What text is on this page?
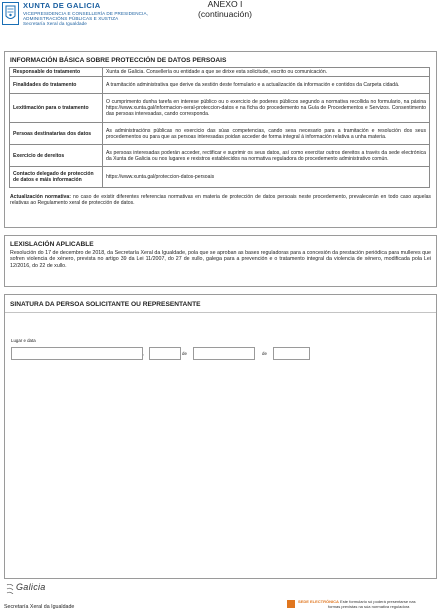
XUNTA DE GALICIA
VICEPRESIDENCIA E CONSELLERÍA DE PRESIDENCIA,
ADMINISTRACIÓNS PÚBLICAS E XUSTIZA
Secretaría Xeral da Igualdade
ANEXO I
(continuación)
INFORMACIÓN BÁSICA SOBRE PROTECCIÓN DE DATOS PERSOAIS
Responsable do tratamento	Xunta de Galicia. Consellería ou entidade a que se dirixe esta solicitude, escrito ou comunicación.
Finalidades do tratamento	A tramitación administrativa que derive da xestión deste formulario e a actualización da información e contidos da Carpeta cidadá.
Lexitimación para o tratamento	O cumprimento dunha tarefa en interese público ou o exercicio de poderes públicos segundo a normativa recollida no formulario, na páxina https://www.xunta.gal/informacion-xeral-proteccion-datos e na ficha do procedemento na Guía de Procedementos e Servizos. Consentimento das persoas interesadas, cando corresponda.
Persoas destinatarias dos datos	As administracións públicas no exercicio das súas competencias, cando sexa necesario para a tramitación e resolución dos seus procedementos ou para que as persoas interesadas poidan acceder de forma integral á información relativa a unha materia.
Exercicio de dereitos	As persoas interesadas poderán acceder, rectificar e suprimir os seus datos, así como exercitar outros dereitos a través da sede electrónica da Xunta de Galicia ou nos lugares e rexistros establecidos na normativa reguladora do procedemento administrativo común.
Contacto delegado de protección de datos e máis información	https://www.xunta.gal/proteccion-datos-persoais
Actualización normativa: no caso de existir diferentes referencias normativas en materia de protección de datos persoais neste procedemento, prevalecerán en todo caso aquelas relativas ao Regulamento xeral de protección de datos.
LEXISLACIÓN APLICABLE
Resolución do 17 de decembro de 2018, da Secretaría Xeral da Igualdade, pola que se aproban as bases reguladoras para a concesión da prestación periódica para mulleres que sofren violencia de xénero, prevista no artigo 39 da Lei 11/2007, do 27 de xullo, galega para a prevención e o tratamento integral da violencia de xénero, modificada pola Lei 12/2016, do 22 de xullo.
SINATURA DA PERSOA SOLICITANTE OU REPRESENTANTE
Lugar e data
,	de	de
Galicia
Secretaría Xeral da Igualdade
SEDE ELECTRÓNICA Este formulario só poderá presentarse nas
formas previstas na súa normativa reguladora
